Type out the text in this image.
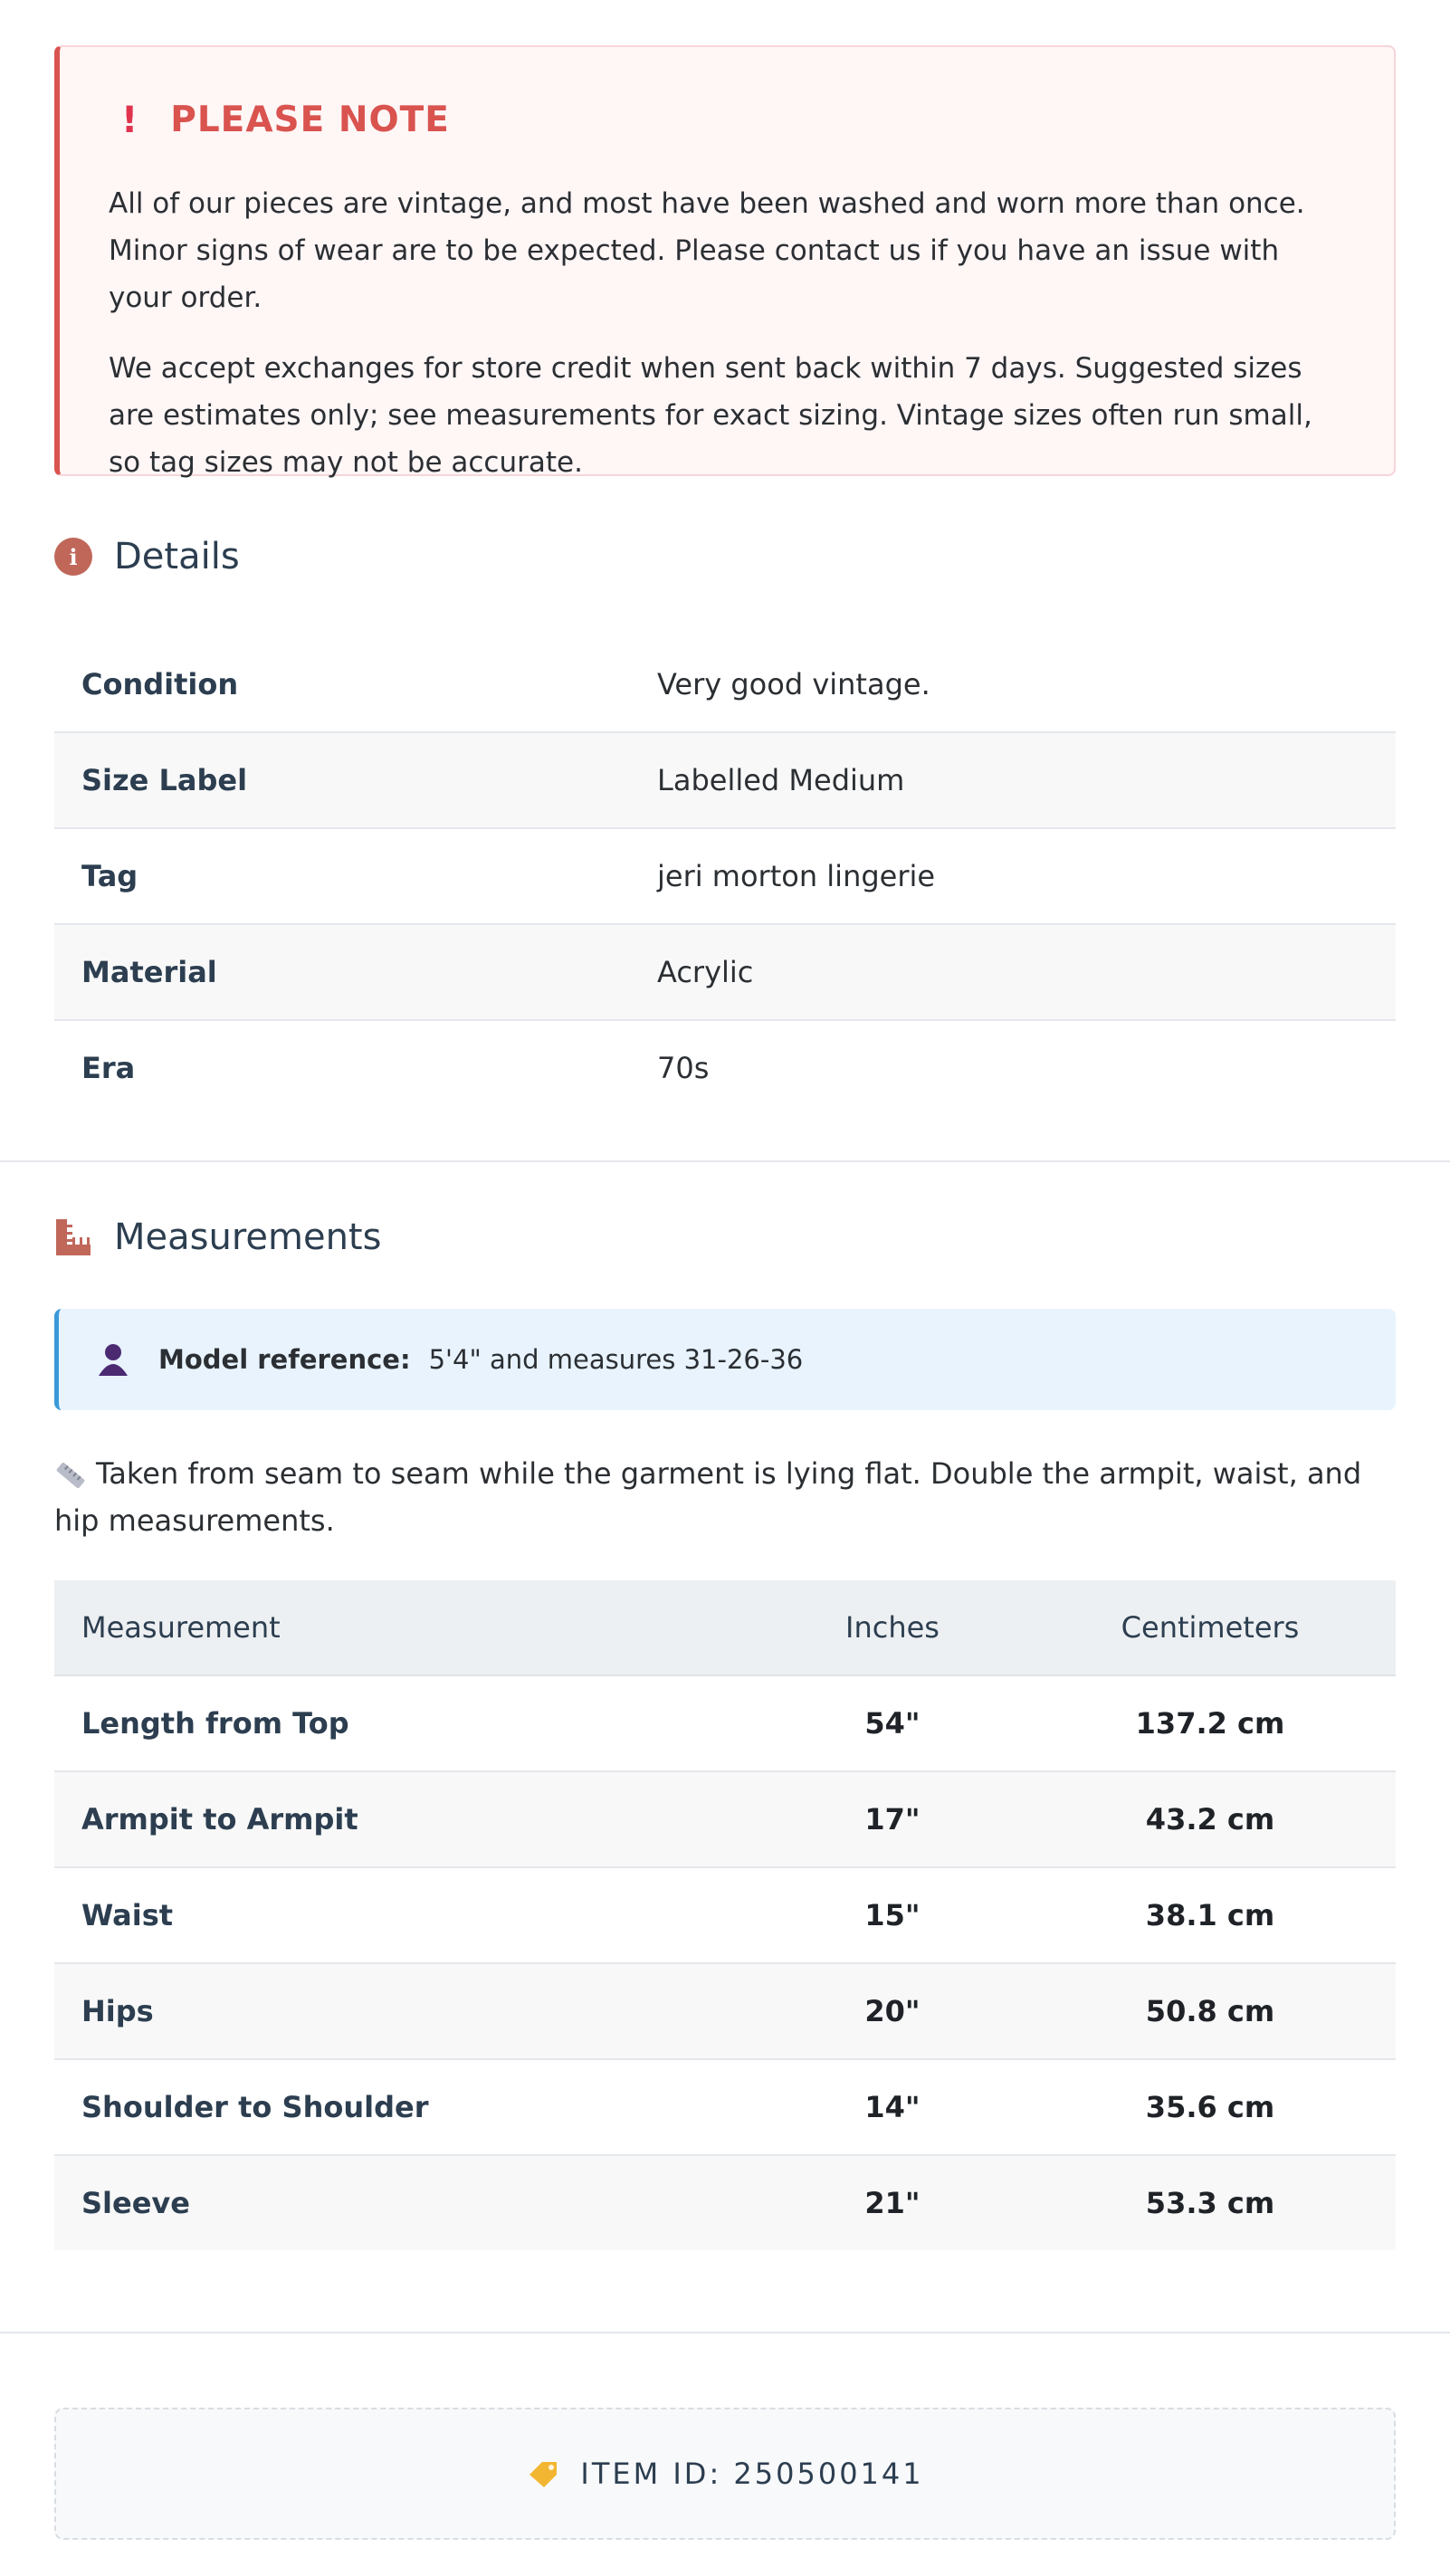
! PLEASE NOTE

All of our pieces are vintage, and most have been washed and worn more than once. Minor signs of wear are to be expected. Please contact us if you have an issue with your order.

We accept exchanges for store credit when sent back within 7 days. Suggested sizes are estimates only; see measurements for exact sizing. Vintage sizes often run small, so tag sizes may not be accurate.

i	Details
Condition	Very good vintage.
Size Label	Labelled Medium
Tag	jeri morton lingerie
Material	Acrylic
Era	70s
Measurements
Model reference: 5'4" and measures 31-26-36
Taken from seam to seam while the garment is lying flat. Double the armpit, waist, and hip measurements.
Measurement	Inches	Centimeters
Length from Top	54"	137.2 cm
Armpit to Armpit	17"	43.2 cm
Waist	15"	38.1 cm
Hips	20"	50.8 cm
Shoulder to Shoulder	14"	35.6 cm
Sleeve	21"	53.3 cm
ITEM ID: 250500141
